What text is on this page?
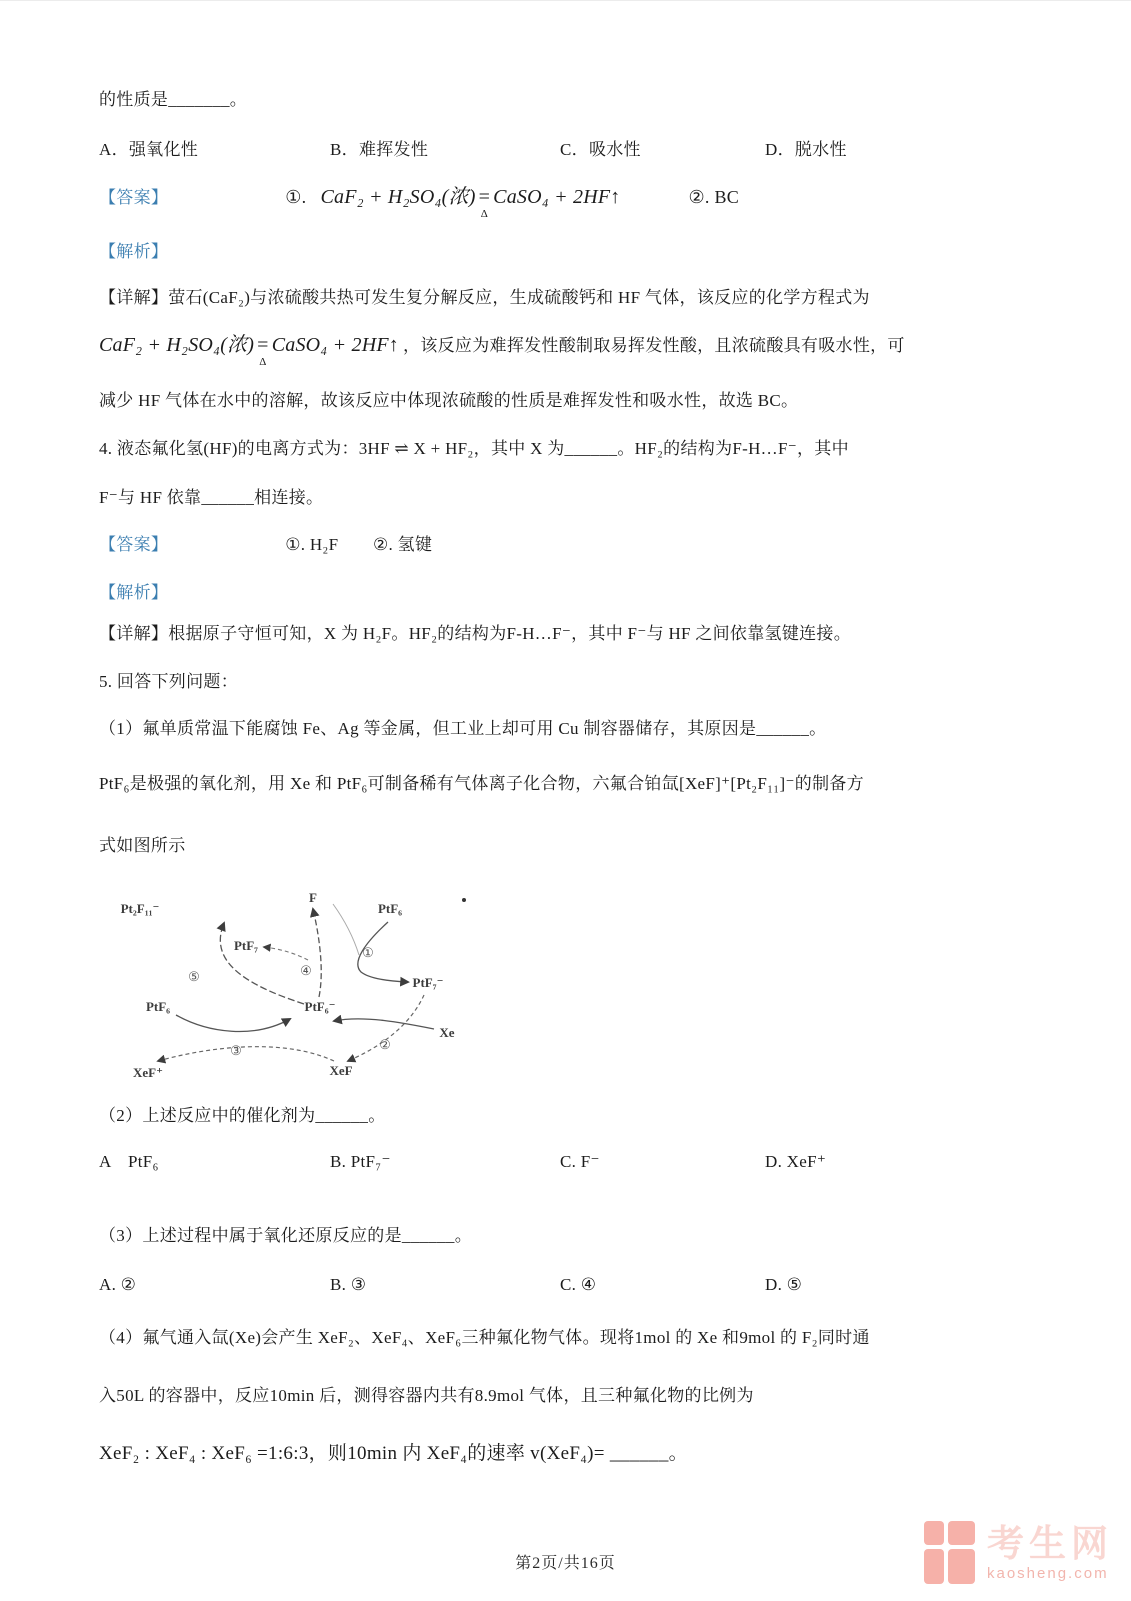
的性质是_______。
A．强氧化性	B．难挥发性	C．吸水性	D．脱水性
【答案】	①. CaF₂ + H₂SO₄(浓) =
Δ
CaSO₄ + 2HF↑	②. BC
【解析】
【详解】萤石(CaF₂)与浓硫酸共热可发生复分解反应，生成硫酸钙和 HF 气体，该反应的化学方程式为
CaF₂ + H₂SO₄(浓) =
Δ
CaSO₄ + 2HF↑ ，该反应为难挥发性酸制取易挥发性酸，且浓硫酸具有吸水性，可
减少 HF 气体在水中的溶解，故该反应中体现浓硫酸的性质是难挥发性和吸水性，故选 BC。
4. 液态氟化氢(HF)的电离方式为：3HF ⇌ X + HF₂，其中 X 为______。HF₂的结构为F-H…F⁻，其中
F⁻与 HF 依靠______相连接。
【答案】	①. H₂F　　②. 氢键
【解析】
【详解】根据原子守恒可知，X 为 H₂F。HF₂的结构为F-H…F⁻，其中 F⁻与 HF 之间依靠氢键连接。
5. 回答下列问题：
（1）氟单质常温下能腐蚀 Fe、Ag 等金属，但工业上却可用 Cu 制容器储存，其原因是______。
PtF₆是极强的氧化剂，用 Xe 和 PtF₆可制备稀有气体离子化合物，六氟合铂氙[XeF]⁺[Pt₂F₁₁]⁻的制备方
式如图所示
Pt₂F₁₁⁻
F
PtF₆
PtF₇
PtF₇⁻
PtF₆⁻
PtF₆
Xe
XeF
XeF⁺
①
②
③
④
⑤
（2）上述反应中的催化剂为______。
A　PtF₆	B. PtF₇⁻	C. F⁻	D. XeF⁺
（3）上述过程中属于氧化还原反应的是______。
A. ②	B. ③	C. ④	D. ⑤
（4）氟气通入氙(Xe)会产生 XeF₂、XeF₄、XeF₆三种氟化物气体。现将1mol 的 Xe 和9mol 的 F₂同时通
入50L 的容器中，反应10min 后，测得容器内共有8.9mol 气体，且三种氟化物的比例为
XeF₂ : XeF₄ : XeF₆ =1:6:3，则10min 内 XeF₄的速率 v(XeF₄)= ______。
第2页/共16页	考生网
kaosheng.com
